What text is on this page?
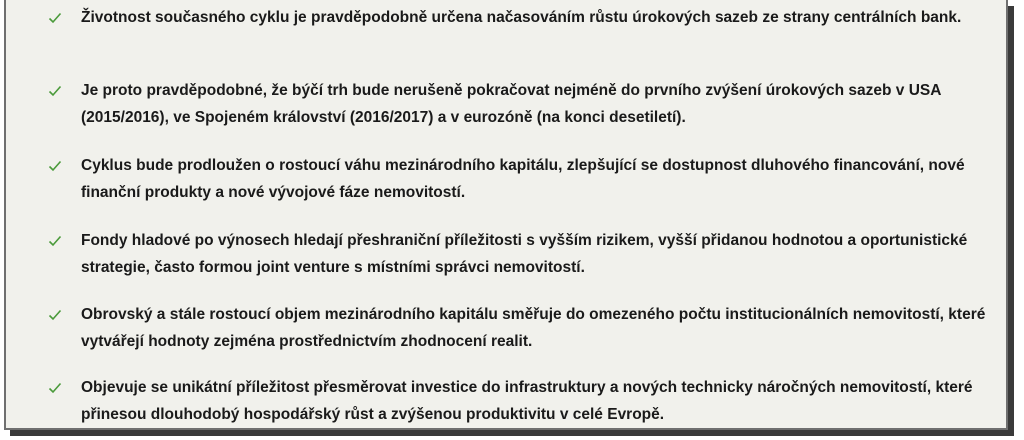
Životnost současného cyklu je pravděpodobně určena načasováním růstu úrokových sazeb ze strany centrálních bank.
Je proto pravděpodobné, že býčí trh bude nerušeně pokračovat nejméně do prvního zvýšení úrokových sazeb v USA (2015/2016), ve Spojeném království (2016/2017) a v eurozóně (na konci desetiletí).
Cyklus bude prodloužen o rostoucí váhu mezinárodního kapitálu, zlepšující se dostupnost dluhového financování, nové finanční produkty a nové vývojové fáze nemovitostí.
Fondy hladové po výnosech hledají přeshraniční příležitosti s vyšším rizikem, vyšší přidanou hodnotou a oportunistické strategie, často formou joint venture s místními správci nemovitostí.
Obrovský a stále rostoucí objem mezinárodního kapitálu směřuje do omezeného počtu institucionálních nemovitostí, které vytvářejí hodnoty zejména prostřednictvím zhodnocení realit.
Objevuje se unikátní příležitost přesměrovat investice do infrastruktury a nových technicky náročných nemovitostí, které přinesou dlouhodobý hospodářský růst a zvýšenou produktivitu v celé Evropě.
